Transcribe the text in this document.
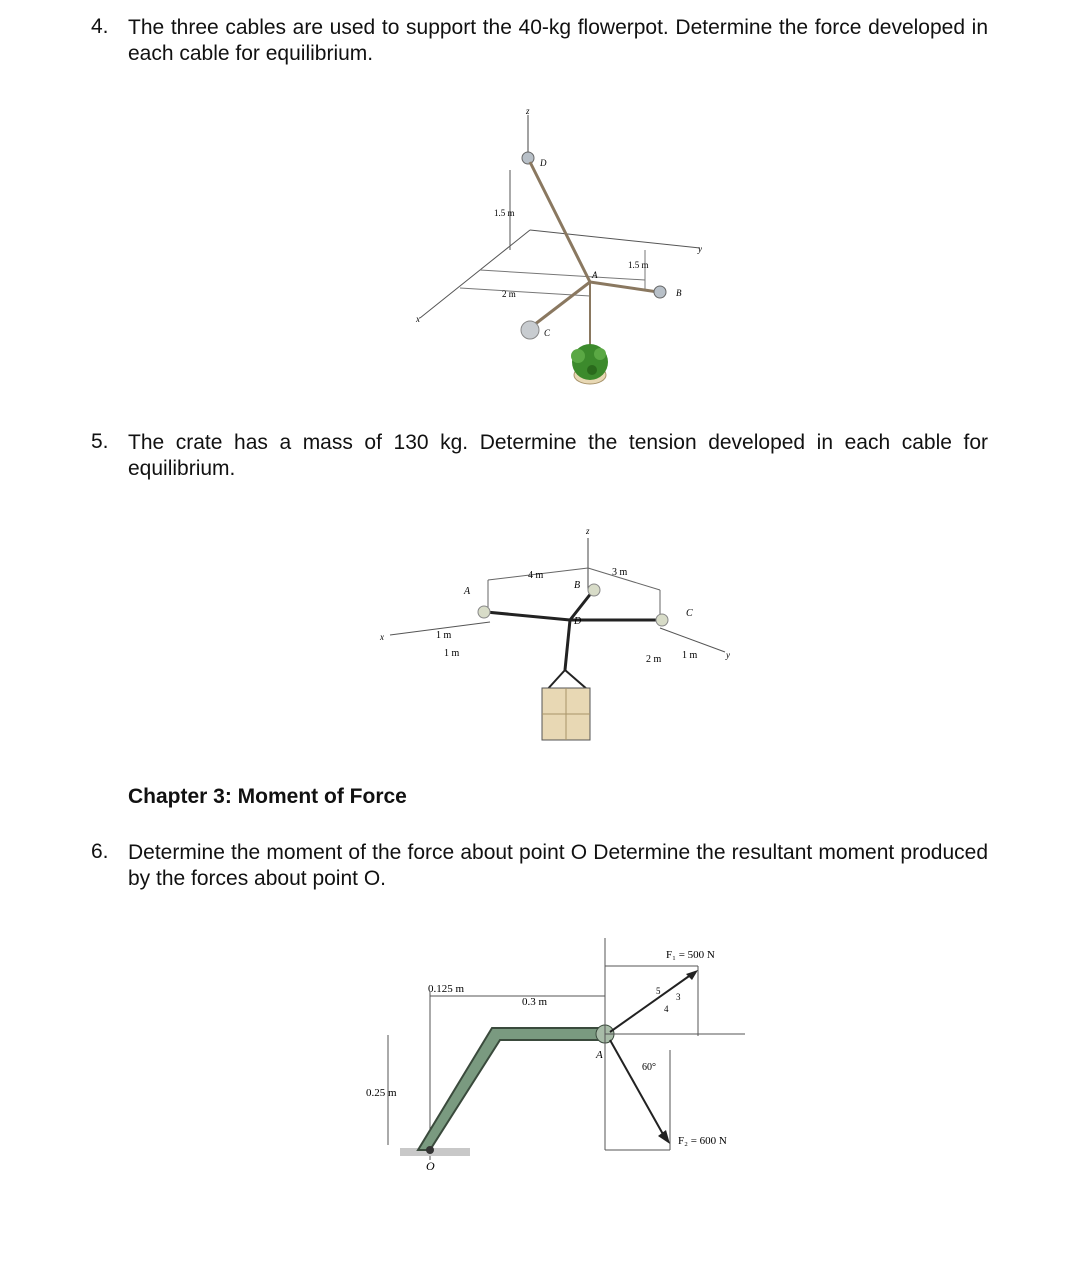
4. The three cables are used to support the 40-kg flowerpot. Determine the force developed in each cable for equilibrium.
z
y
x
1.5 m
D
A
1.5 m
2 m	B
C
5. The crate has a mass of 130 kg. Determine the tension developed in each cable for equilibrium.
z
x
y
4 m	3 m
1 m
1 m
2 m 1 m
A
B
C
D
Chapter 3: Moment of Force
6. Determine the moment of the force about point O Determine the resultant moment produced by the forces about point O.
0.125 m
0.3 m
0.25 m
O
A
F₁ = 500 N
5
3
4
60°
F₂ = 600 N
